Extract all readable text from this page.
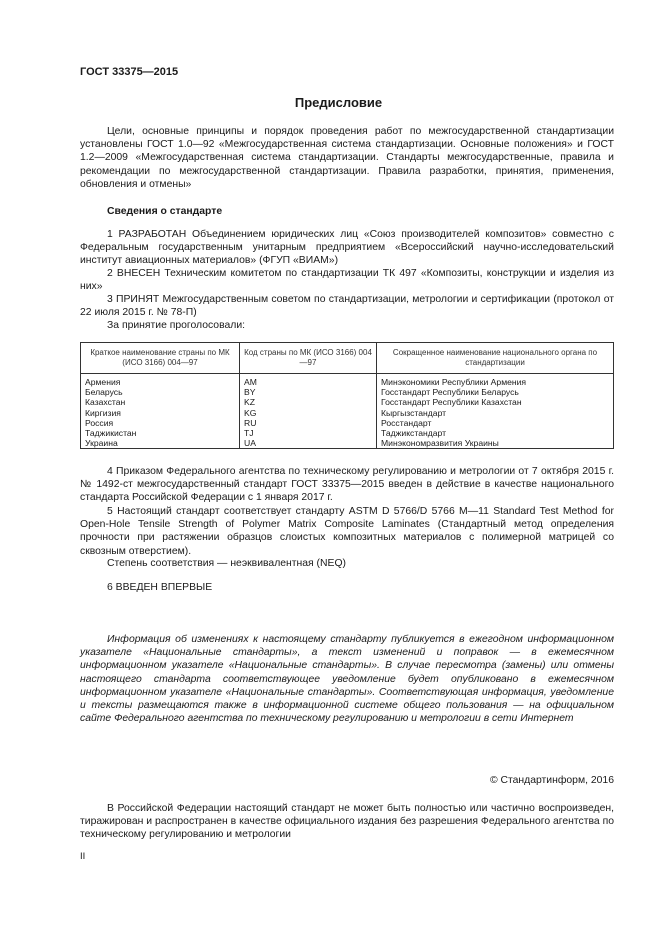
ГОСТ 33375—2015
Предисловие
Цели, основные принципы и порядок проведения работ по межгосударственной стандартизации установлены ГОСТ 1.0—92 «Межгосударственная система стандартизации. Основные положения» и ГОСТ 1.2—2009 «Межгосударственная система стандартизации. Стандарты межгосударственные, правила и рекомендации по межгосударственной стандартизации. Правила разработки, принятия, применения, обновления и отмены»
Сведения о стандарте
1 РАЗРАБОТАН Объединением юридических лиц «Союз производителей композитов» совместно с Федеральным государственным унитарным предприятием «Всероссийский научно-исследовательский институт авиационных материалов» (ФГУП «ВИАМ»)
2 ВНЕСЕН Техническим комитетом по стандартизации ТК 497 «Композиты, конструкции и изделия из них»
3 ПРИНЯТ Межгосударственным советом по стандартизации, метрологии и сертификации (протокол от 22 июля 2015 г. № 78-П)
За принятие проголосовали:
Краткое наименование страны по МК (ИСО 3166) 004—97	Код страны по МК (ИСО 3166) 004—97	Сокращенное наименование национального органа по стандартизации

Армения	AM	Минэкономики Республики Армения
Беларусь	BY	Госстандарт Республики Беларусь
Казахстан	KZ	Госстандарт Республики Казахстан
Киргизия	KG	Кыргызстандарт
Россия	RU	Росстандарт
Таджикистан	TJ	Таджикстандарт
Украина	UA	Минэкономразвития Украины
4 Приказом Федерального агентства по техническому регулированию и метрологии от 7 октября 2015 г. № 1492-ст межгосударственный стандарт ГОСТ 33375—2015 введен в действие в качестве национального стандарта Российской Федерации с 1 января 2017 г.
5 Настоящий стандарт соответствует стандарту ASTM D 5766/D 5766 M—11 Standard Test Method for Open-Hole Tensile Strength of Polymer Matrix Composite Laminates (Стандартный метод определения прочности при растяжении образцов слоистых композитных материалов с полимерной матрицей со сквозным отверстием).
Степень соответствия — неэквивалентная (NEQ)
6 ВВЕДЕН ВПЕРВЫЕ
Информация об изменениях к настоящему стандарту публикуется в ежегодном информационном указателе «Национальные стандарты», а текст изменений и поправок — в ежемесячном информационном указателе «Национальные стандарты». В случае пересмотра (замены) или отмены настоящего стандарта соответствующее уведомление будет опубликовано в ежемесячном информационном указателе «Национальные стандарты». Соответствующая информация, уведомление и тексты размещаются также в информационной системе общего пользования — на официальном сайте Федерального агентства по техническому регулированию и метрологии в сети Интернет
© Стандартинформ, 2016
В Российской Федерации настоящий стандарт не может быть полностью или частично воспроизведен, тиражирован и распространен в качестве официального издания без разрешения Федерального агентства по техническому регулированию и метрологии
II
